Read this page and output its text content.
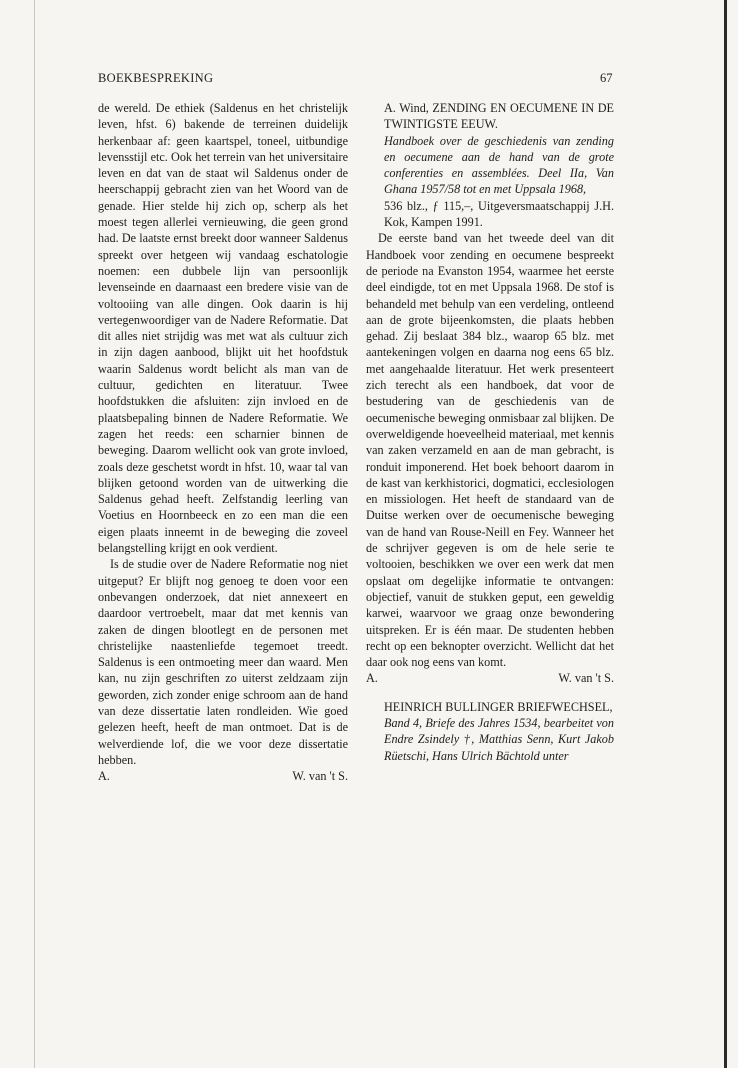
BOEKBESPREKING	67

de wereld. De ethiek (Saldenus en het christelijk leven, hfst. 6) bakende de terreinen duidelijk herkenbaar af: geen kaartspel, toneel, uitbundige levensstijl etc. Ook het terrein van het universitaire leven en dat van de staat wil Saldenus onder de heerschappij gebracht zien van het Woord van de genade. Hier stelde hij zich op, scherp als het moest tegen allerlei vernieuwing, die geen grond had. De laatste ernst breekt door wanneer Saldenus spreekt over hetgeen wij vandaag eschatologie noemen: een dubbele lijn van persoonlijk levenseinde en daarnaast een bredere visie van de voltooiing van alle dingen. Ook daarin is hij vertegenwoordiger van de Nadere Reformatie. Dat dit alles niet strijdig was met wat als cultuur zich in zijn dagen aanbood, blijkt uit het hoofdstuk waarin Saldenus wordt belicht als man van de cultuur, gedichten en literatuur. Twee hoofdstukken die afsluiten: zijn invloed en de plaatsbepaling binnen de Nadere Reformatie. We zagen het reeds: een scharnier binnen de beweging. Daarom wellicht ook van grote invloed, zoals deze geschetst wordt in hfst. 10, waar tal van blijken getoond worden van de uitwerking die Saldenus gehad heeft. Zelfstandig leerling van Voetius en Hoornbeeck en zo een man die een eigen plaats inneemt in de beweging die zoveel belangstelling krijgt en ook verdient.

Is de studie over de Nadere Reformatie nog niet uitgeput? Er blijft nog genoeg te doen voor een onbevangen onderzoek, dat niet annexeert en daardoor vertroebelt, maar dat met kennis van zaken de dingen blootlegt en de personen met christelijke naastenliefde tegemoet treedt. Saldenus is een ontmoeting meer dan waard. Men kan, nu zijn geschriften zo uiterst zeldzaam zijn geworden, zich zonder enige schroom aan de hand van deze dissertatie laten rondleiden. Wie goed gelezen heeft, heeft de man ontmoet. Dat is de welverdiende lof, die we voor deze dissertatie hebben.

A.	W. van 't S.

A. Wind, ZENDING EN OECUMENE IN DE TWINTIGSTE EEUW.

Handboek over de geschiedenis van zending en oecumene aan de hand van de grote conferenties en assemblées. Deel IIa, Van Ghana 1957/58 tot en met Uppsala 1968,

536 blz., ƒ 115,–, Uitgeversmaatschappij J.H. Kok, Kampen 1991.

De eerste band van het tweede deel van dit Handboek voor zending en oecumene bespreekt de periode na Evanston 1954, waarmee het eerste deel eindigde, tot en met Uppsala 1968. De stof is behandeld met behulp van een verdeling, ontleend aan de grote bijeenkomsten, die plaats hebben gehad. Zij beslaat 384 blz., waarop 65 blz. met aantekeningen volgen en daarna nog eens 65 blz. met aangehaalde literatuur. Het werk presenteert zich terecht als een handboek, dat voor de bestudering van de geschiedenis van de oecumenische beweging onmisbaar zal blijken. De overweldigende hoeveelheid materiaal, met kennis van zaken verzameld en aan de man gebracht, is ronduit imponerend. Het boek behoort daarom in de kast van kerkhistorici, dogmatici, ecclesiologen en missiologen. Het heeft de standaard van de Duitse werken over de oecumenische beweging van de hand van Rouse-Neill en Fey. Wanneer het de schrijver gegeven is om de hele serie te voltooien, beschikken we over een werk dat men opslaat om degelijke informatie te ontvangen: objectief, vanuit de stukken geput, een geweldig karwei, waarvoor we graag onze bewondering uitspreken. Er is één maar. De studenten hebben recht op een beknopter overzicht. Wellicht dat het daar ook nog eens van komt.

A.	W. van 't S.

HEINRICH BULLINGER BRIEFWECHSEL,

Band 4, Briefe des Jahres 1534, bearbeitet von Endre Zsindely †, Matthias Senn, Kurt Jakob Rüetschi, Hans Ulrich Bächtold unter
